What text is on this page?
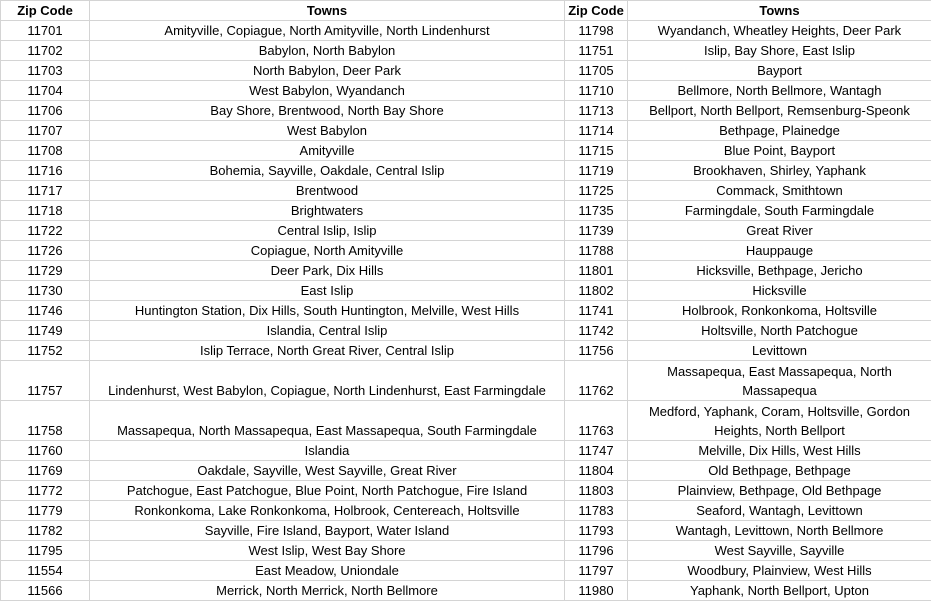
Zip Code	Towns	Zip Code	Towns
11701	Amityville, Copiague, North Amityville, North Lindenhurst	11798	Wyandanch, Wheatley Heights, Deer Park
11702	Babylon, North Babylon	11751	Islip, Bay Shore, East Islip
11703	North Babylon, Deer Park	11705	Bayport
11704	West Babylon, Wyandanch	11710	Bellmore, North Bellmore, Wantagh
11706	Bay Shore, Brentwood, North Bay Shore	11713	Bellport, North Bellport, Remsenburg-Speonk
11707	West Babylon	11714	Bethpage, Plainedge
11708	Amityville	11715	Blue Point, Bayport
11716	Bohemia, Sayville, Oakdale, Central Islip	11719	Brookhaven, Shirley, Yaphank
11717	Brentwood	11725	Commack, Smithtown
11718	Brightwaters	11735	Farmingdale, South Farmingdale
11722	Central Islip, Islip	11739	Great River
11726	Copiague, North Amityville	11788	Hauppauge
11729	Deer Park, Dix Hills	11801	Hicksville, Bethpage, Jericho
11730	East Islip	11802	Hicksville
11746	Huntington Station, Dix Hills, South Huntington, Melville, West Hills	11741	Holbrook, Ronkonkoma, Holtsville
11749	Islandia, Central Islip	11742	Holtsville, North Patchogue
11752	Islip Terrace, North Great River, Central Islip	11756	Levittown
11757	Lindenhurst, West Babylon, Copiague, North Lindenhurst, East Farmingdale	11762	Massapequa, East Massapequa, North Massapequa
11758	Massapequa, North Massapequa, East Massapequa, South Farmingdale	11763	Medford, Yaphank, Coram, Holtsville, Gordon Heights, North Bellport
11760	Islandia	11747	Melville, Dix Hills, West Hills
11769	Oakdale, Sayville, West Sayville, Great River	11804	Old Bethpage, Bethpage
11772	Patchogue, East Patchogue, Blue Point, North Patchogue, Fire Island	11803	Plainview, Bethpage, Old Bethpage
11779	Ronkonkoma, Lake Ronkonkoma, Holbrook, Centereach, Holtsville	11783	Seaford, Wantagh, Levittown
11782	Sayville, Fire Island, Bayport, Water Island	11793	Wantagh, Levittown, North Bellmore
11795	West Islip, West Bay Shore	11796	West Sayville, Sayville
11554	East Meadow, Uniondale	11797	Woodbury, Plainview, West Hills
11566	Merrick, North Merrick, North Bellmore	11980	Yaphank, North Bellport, Upton
